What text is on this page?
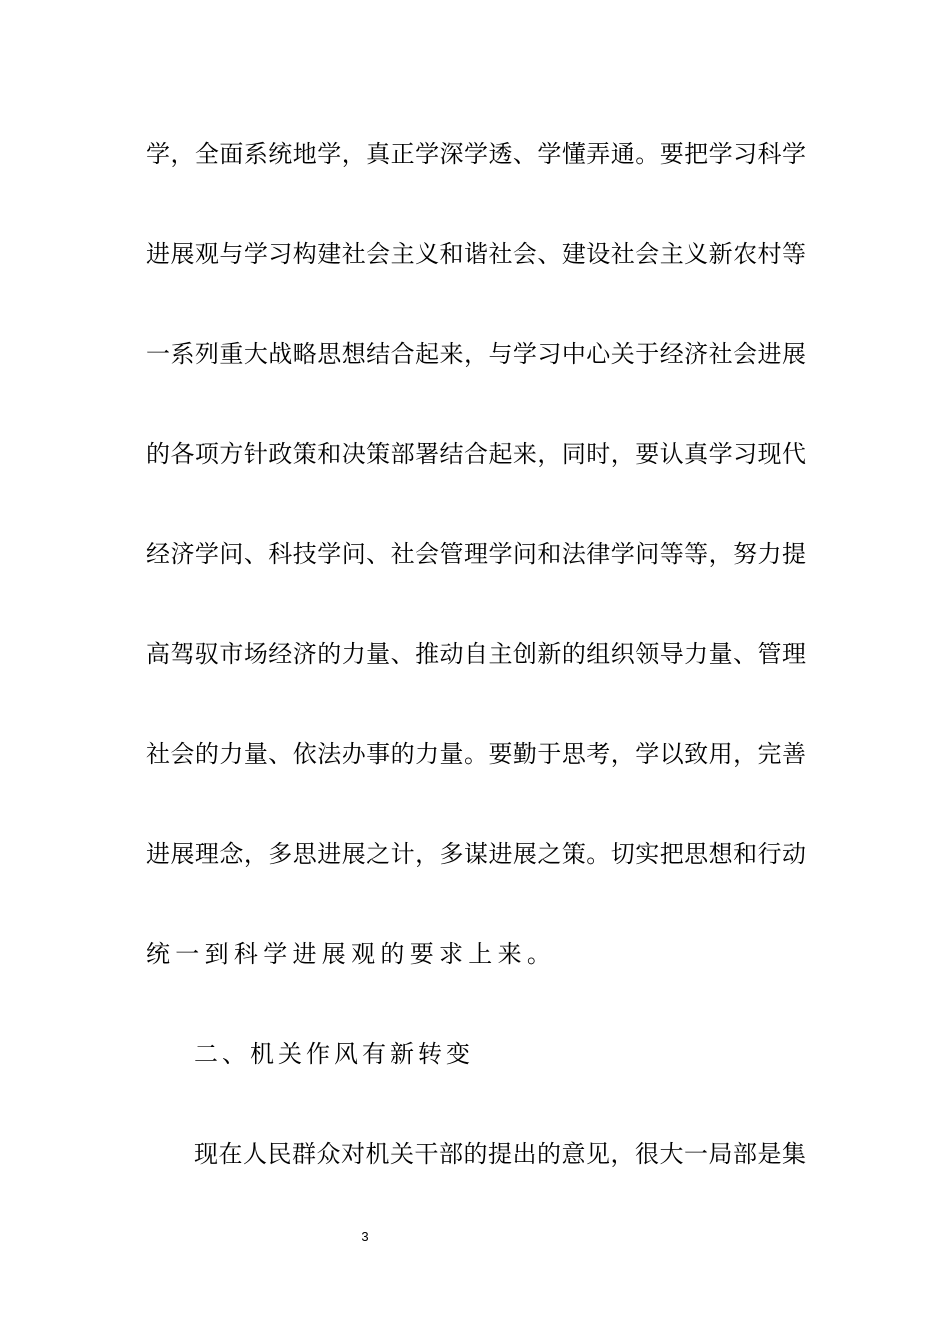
学，全面系统地学，真正学深学透、学懂弄通。要把学习科学
进展观与学习构建社会主义和谐社会、建设社会主义新农村等
一系列重大战略思想结合起来，与学习中心关于经济社会进展
的各项方针政策和决策部署结合起来，同时，要认真学习现代
经济学问、科技学问、社会管理学问和法律学问等等，努力提
高驾驭市场经济的力量、推动自主创新的组织领导力量、管理
社会的力量、依法办事的力量。要勤于思考，学以致用，完善
进展理念，多思进展之计，多谋进展之策。切实把思想和行动
统一到科学进展观的要求上来。
二、机关作风有新转变
现在人民群众对机关干部的提出的意见，很大一局部是集
3
